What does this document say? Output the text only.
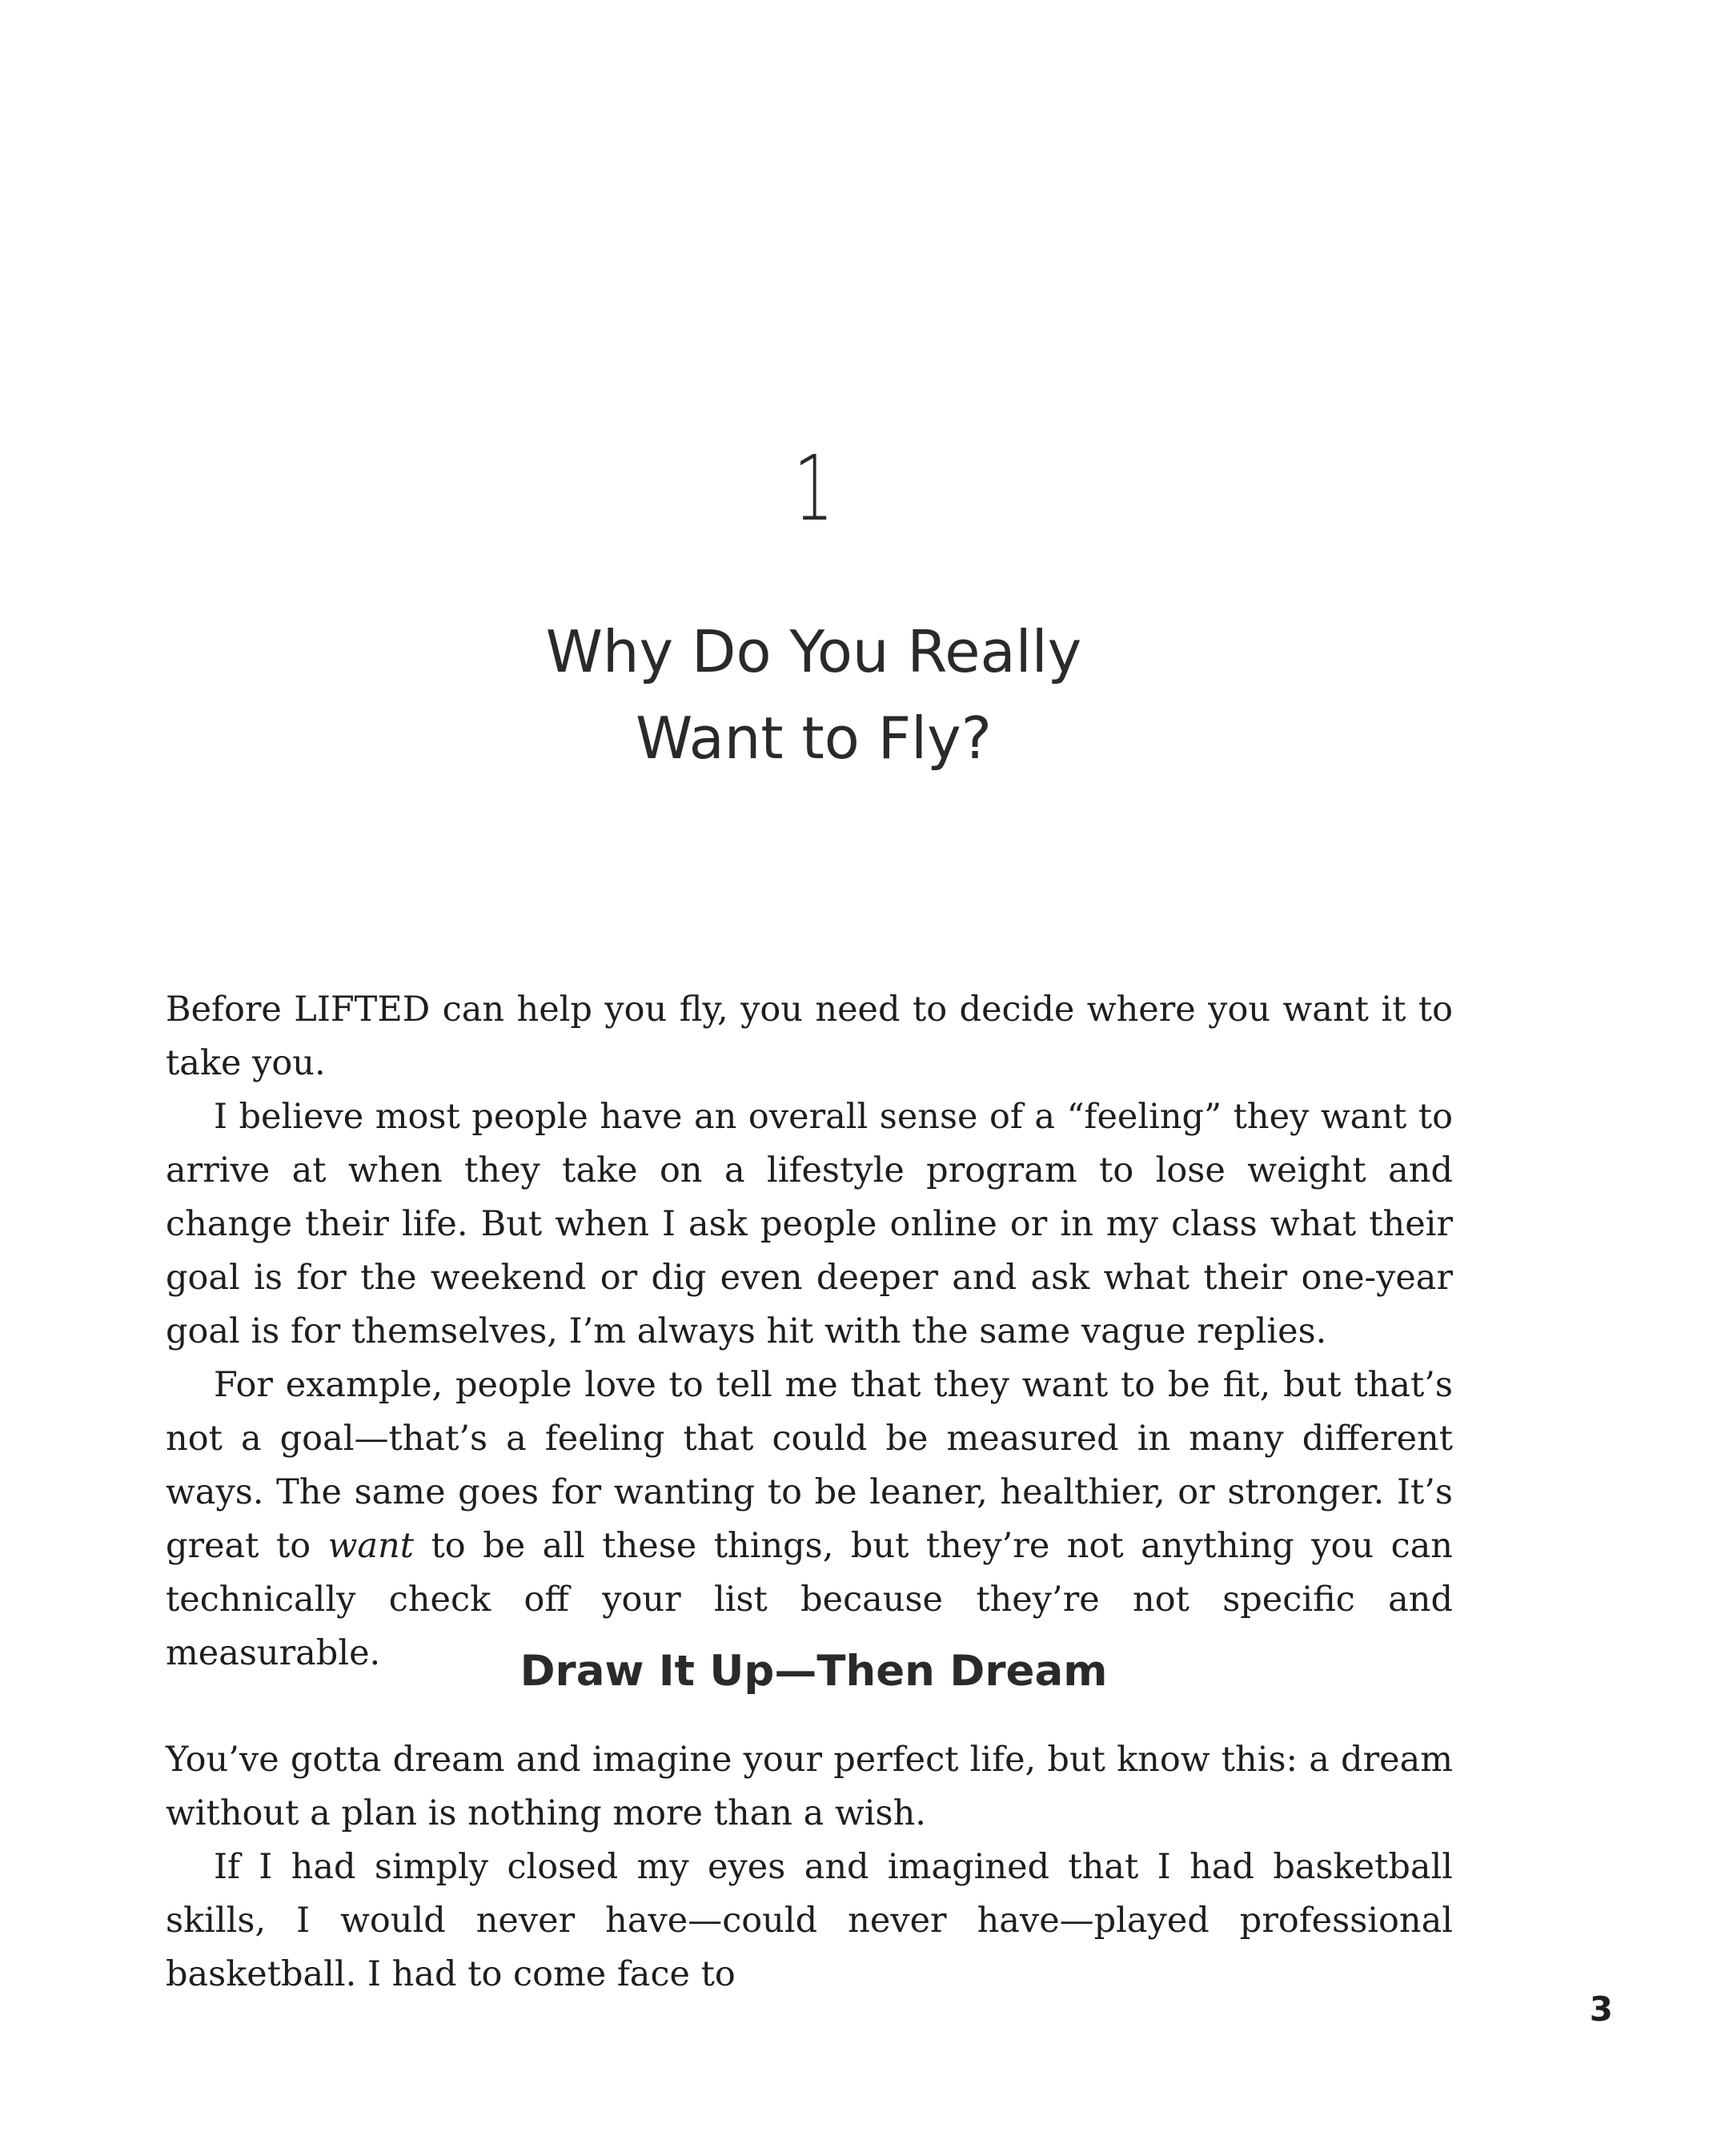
1
Why Do You Really
Want to Fly?

Before LIFTED can help you fly, you need to decide where you want it to take you.

I believe most people have an overall sense of a “feeling” they want to arrive at when they take on a lifestyle program to lose weight and change their life. But when I ask people online or in my class what their goal is for the weekend or dig even deeper and ask what their one-year goal is for themselves, I’m always hit with the same vague replies.

For example, people love to tell me that they want to be fit, but that’s not a goal—that’s a feeling that could be measured in many different ways. The same goes for wanting to be leaner, healthier, or stronger. It’s great to want to be all these things, but they’re not anything you can technically check off your list because they’re not specific and measurable.	Draw It Up—Then Dream

You’ve gotta dream and imagine your perfect life, but know this: a dream without a plan is nothing more than a wish.

If I had simply closed my eyes and imagined that I had basketball skills, I would never have—could never have—played professional basketball. I had to come face to

3
